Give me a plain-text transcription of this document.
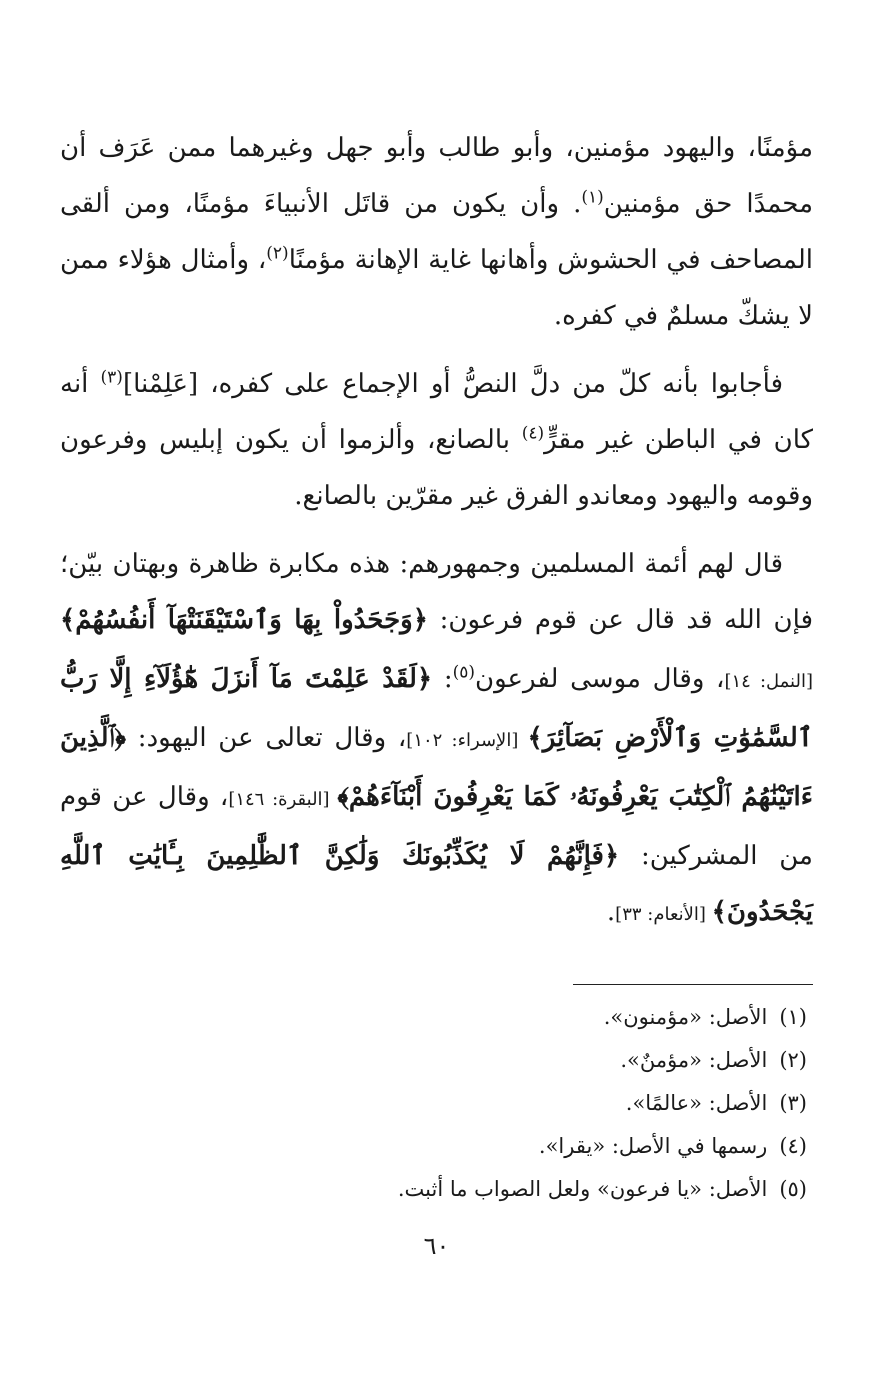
مؤمنًا، واليهود مؤمنين، وأبو طالب وأبو جهل وغيرهما ممن عَرَف أن محمدًا حق مؤمنين$^{(١)}$. وأن يكون من قاتَل الأنبياءَ مؤمنًا، ومن ألقى المصاحف في الحشوش وأهانها غاية الإهانة مؤمنًا$^{(٢)}$، وأمثال هؤلاء ممن لا يشكّ مسلمٌ في كفره.

فأجابوا بأنه كلّ من دلَّ النصُّ أو الإجماع على كفره، [عَلِمْنا]$^{(٣)}$ أنه كان في الباطن غير مقرٍّ$^{(٤)}$ بالصانع، وألزموا أن يكون إبليس وفرعون وقومه واليهود ومعاندو الفرق غير مقرّين بالصانع.

قال لهم أئمة المسلمين وجمهورهم: هذه مكابرة ظاهرة وبهتان بيّن؛ فإن الله قد قال عن قوم فرعون: ﴿وَجَحَدُواْ بِهَا وَٱسْتَيْقَنَتْهَآ أَنفُسُهُمْ﴾ [النمل: ١٤]، وقال موسى لفرعون$^{(٥)}$: ﴿لَقَدْ عَلِمْتَ مَآ أَنزَلَ هَٰٓؤُلَآءِ إِلَّا رَبُّ ٱلسَّمَٰوَٰتِ وَٱلْأَرْضِ بَصَآئِرَ﴾ [الإسراء: ١٠٢]، وقال تعالى عن اليهود: ﴿ٱلَّذِينَ ءَاتَيْنَٰهُمُ ٱلْكِتَٰبَ يَعْرِفُونَهُۥ كَمَا يَعْرِفُونَ أَبْنَآءَهُمْ﴾ [البقرة: ١٤٦]، وقال عن قوم من المشركين: ﴿فَإِنَّهُمْ لَا يُكَذِّبُونَكَ وَلَٰكِنَّ ٱلظَّٰلِمِينَ بِـَٔايَٰتِ ٱللَّهِ يَجْحَدُونَ﴾ [الأنعام: ٣٣].

(١)الأصل: «مؤمنون».
(٢)الأصل: «مؤمنٌ».
(٣)الأصل: «عالمًا».
(٤)رسمها في الأصل: «يقرا».
(٥)الأصل: «يا فرعون» ولعل الصواب ما أثبت.
٦٠
